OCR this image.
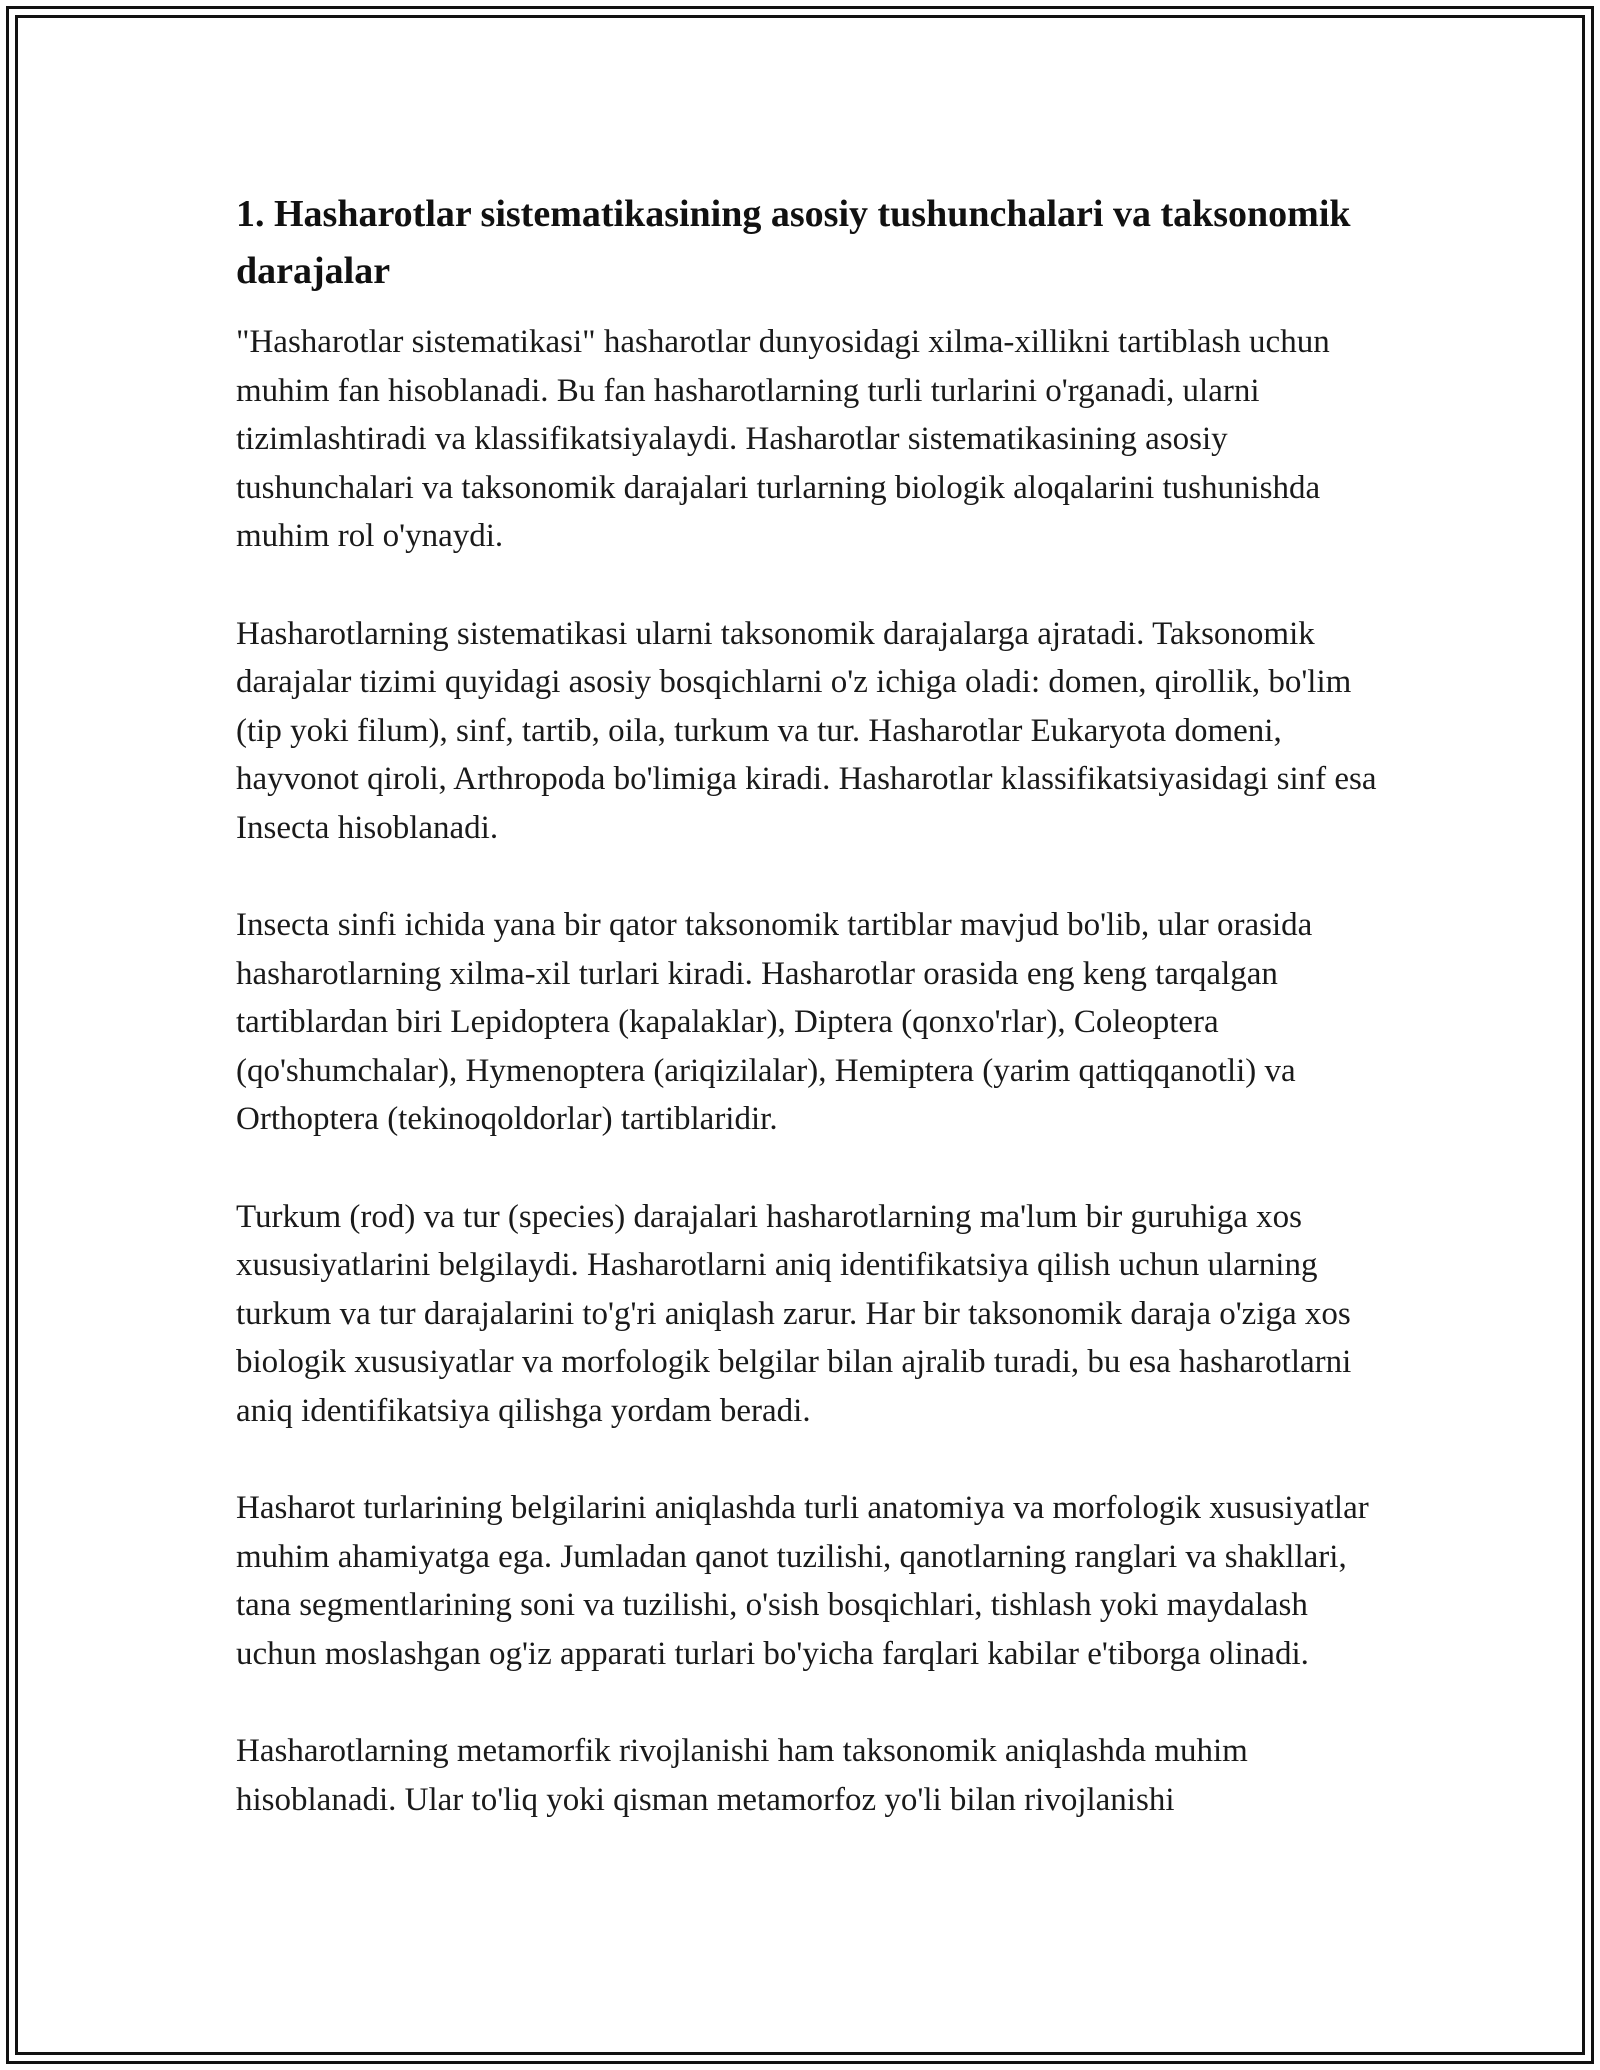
1. Hasharotlar sistematikasining asosiy tushunchalari va taksonomik darajalar

"Hasharotlar sistematikasi" hasharotlar dunyosidagi xilma-xillikni tartiblash uchun muhim fan hisoblanadi. Bu fan hasharotlarning turli turlarini o'rganadi, ularni tizimlashtiradi va klassifikatsiyalaydi. Hasharotlar sistematikasining asosiy tushunchalari va taksonomik darajalari turlarning biologik aloqalarini tushunishda muhim rol o'ynaydi.

Hasharotlarning sistematikasi ularni taksonomik darajalarga ajratadi. Taksonomik darajalar tizimi quyidagi asosiy bosqichlarni o'z ichiga oladi: domen, qirollik, bo'lim (tip yoki filum), sinf, tartib, oila, turkum va tur. Hasharotlar Eukaryota domeni, hayvonot qiroli, Arthropoda bo'limiga kiradi. Hasharotlar klassifikatsiyasidagi sinf esa Insecta hisoblanadi.

Insecta sinfi ichida yana bir qator taksonomik tartiblar mavjud bo'lib, ular orasida hasharotlarning xilma-xil turlari kiradi. Hasharotlar orasida eng keng tarqalgan tartiblardan biri Lepidoptera (kapalaklar), Diptera (qonxo'rlar), Coleoptera (qo'shumchalar), Hymenoptera (ariqizilalar), Hemiptera (yarim qattiqqanotli) va Orthoptera (tekinoqoldorlar) tartiblaridir.

Turkum (rod) va tur (species) darajalari hasharotlarning ma'lum bir guruhiga xos xususiyatlarini belgilaydi. Hasharotlarni aniq identifikatsiya qilish uchun ularning turkum va tur darajalarini to'g'ri aniqlash zarur. Har bir taksonomik daraja o'ziga xos biologik xususiyatlar va morfologik belgilar bilan ajralib turadi, bu esa hasharotlarni aniq identifikatsiya qilishga yordam beradi.

Hasharot turlarining belgilarini aniqlashda turli anatomiya va morfologik xususiyatlar muhim ahamiyatga ega. Jumladan qanot tuzilishi, qanotlarning ranglari va shakllari, tana segmentlarining soni va tuzilishi, o'sish bosqichlari, tishlash yoki maydalash uchun moslashgan og'iz apparati turlari bo'yicha farqlari kabilar e'tiborga olinadi.

Hasharotlarning metamorfik rivojlanishi ham taksonomik aniqlashda muhim hisoblanadi. Ular to'liq yoki qisman metamorfoz yo'li bilan rivojlanishi
